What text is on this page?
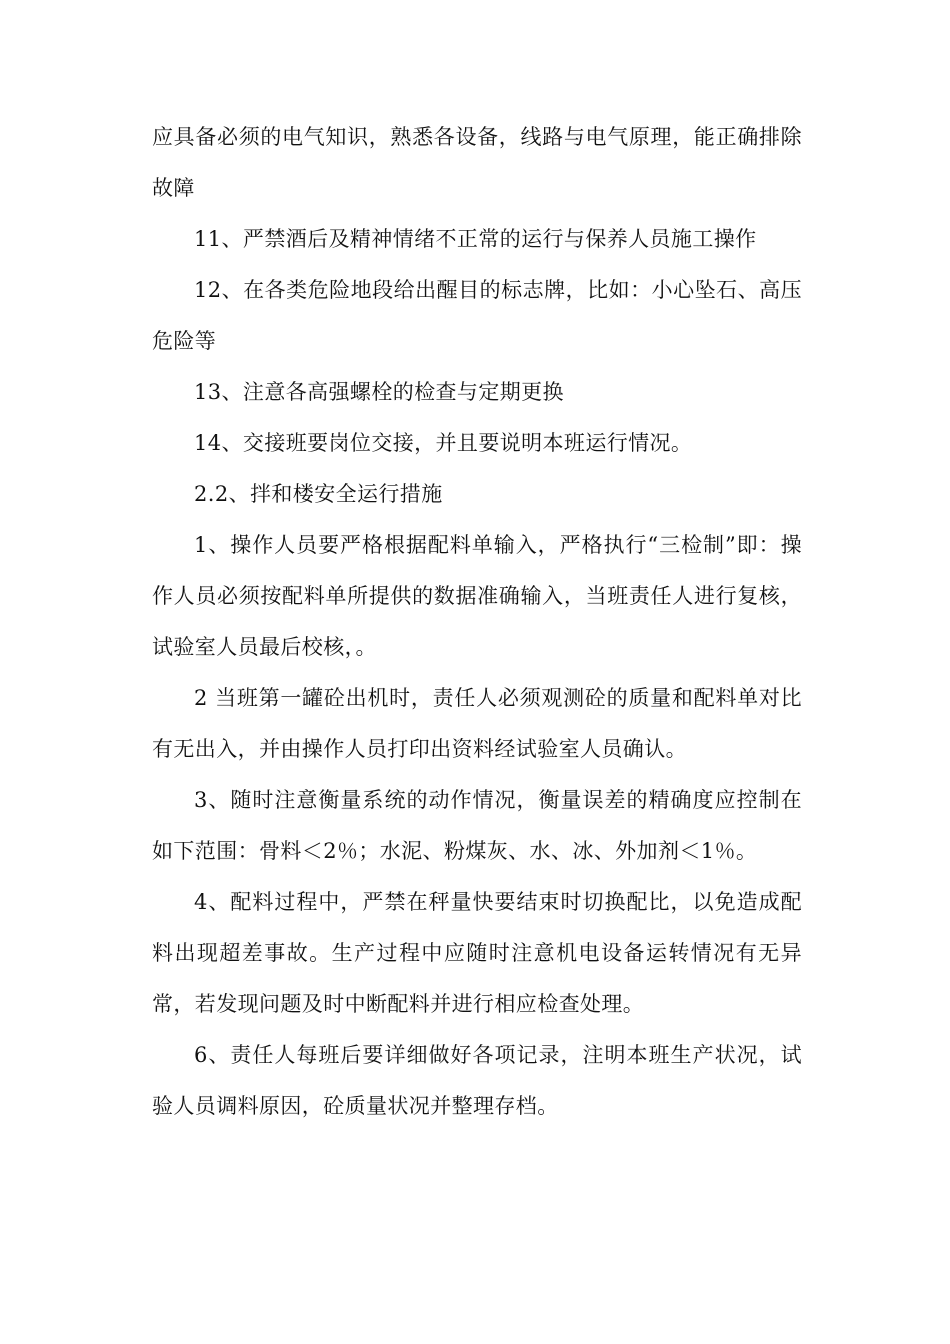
应具备必须的电气知识，熟悉各设备，线路与电气原理，能正确排除故障

11、严禁酒后及精神情绪不正常的运行与保养人员施工操作

12、在各类危险地段给出醒目的标志牌，比如：小心坠石、高压危险等

13、注意各高强螺栓的检查与定期更换

14、交接班要岗位交接，并且要说明本班运行情况。

2.2、拌和楼安全运行措施

1、操作人员要严格根据配料单输入，严格执行“三检制”即：操作人员必须按配料单所提供的数据准确输入，当班责任人进行复核，试验室人员最后校核，。

2 当班第一罐砼出机时，责任人必须观测砼的质量和配料单对比有无出入，并由操作人员打印出资料经试验室人员确认。

3、随时注意衡量系统的动作情况，衡量误差的精确度应控制在如下范围：骨料＜2％；水泥、粉煤灰、水、冰、外加剂＜1％。

4、配料过程中，严禁在秤量快要结束时切换配比，以免造成配料出现超差事故。生产过程中应随时注意机电设备运转情况有无异常，若发现问题及时中断配料并进行相应检查处理。

6、责任人每班后要详细做好各项记录，注明本班生产状况，试验人员调料原因，砼质量状况并整理存档。
